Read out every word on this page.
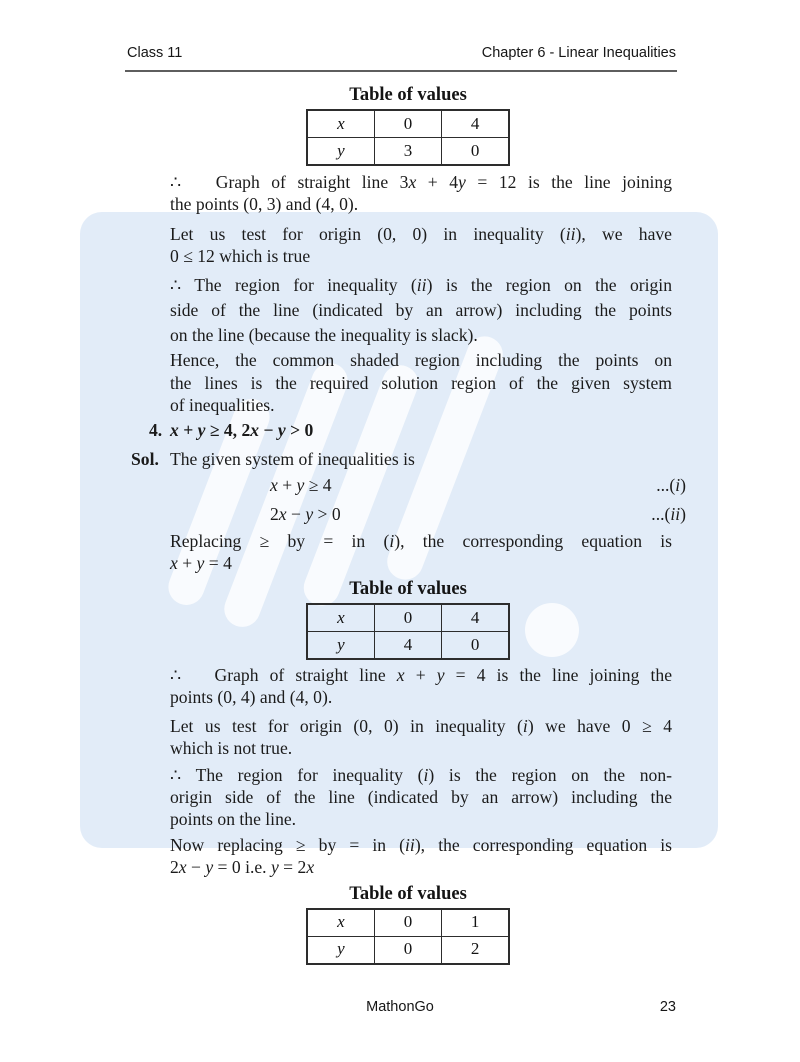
Class 11	Chapter 6 - Linear Inequalities
Table of values
x	0	4
y	3	0

∴   Graph of straight line 3x + 4y = 12 is the line joining
the points (0, 3) and (4, 0).

Let us test for origin (0, 0) in inequality (ii), we have
0 ≤ 12 which is true

∴ The region for inequality (ii) is the region on the origin
side of the line (indicated by an arrow) including the points
on the line (because the inequality is slack).

Hence, the common shaded region including the points on
the lines is the required solution region of the given system
of inequalities.

4. x + y ≥ 4, 2x − y > 0
Sol. The given system of inequalities is
x + y ≥ 4	...(i)
2x − y > 0	...(ii)

Replacing ≥ by = in (i), the corresponding equation is
x + y = 4

Table of values
x	0	4
y	4	0

∴   Graph of straight line x + y = 4 is the line joining the
points (0, 4) and (4, 0).

Let us test for origin (0, 0) in inequality (i) we have 0 ≥ 4
which is not true.

∴ The region for inequality (i) is the region on the non-
origin side of the line (indicated by an arrow) including the
points on the line.

Now replacing ≥ by = in (ii), the corresponding equation is
2x − y = 0 i.e. y = 2x

Table of values
x	0	1
y	0	2
MathonGo	23
